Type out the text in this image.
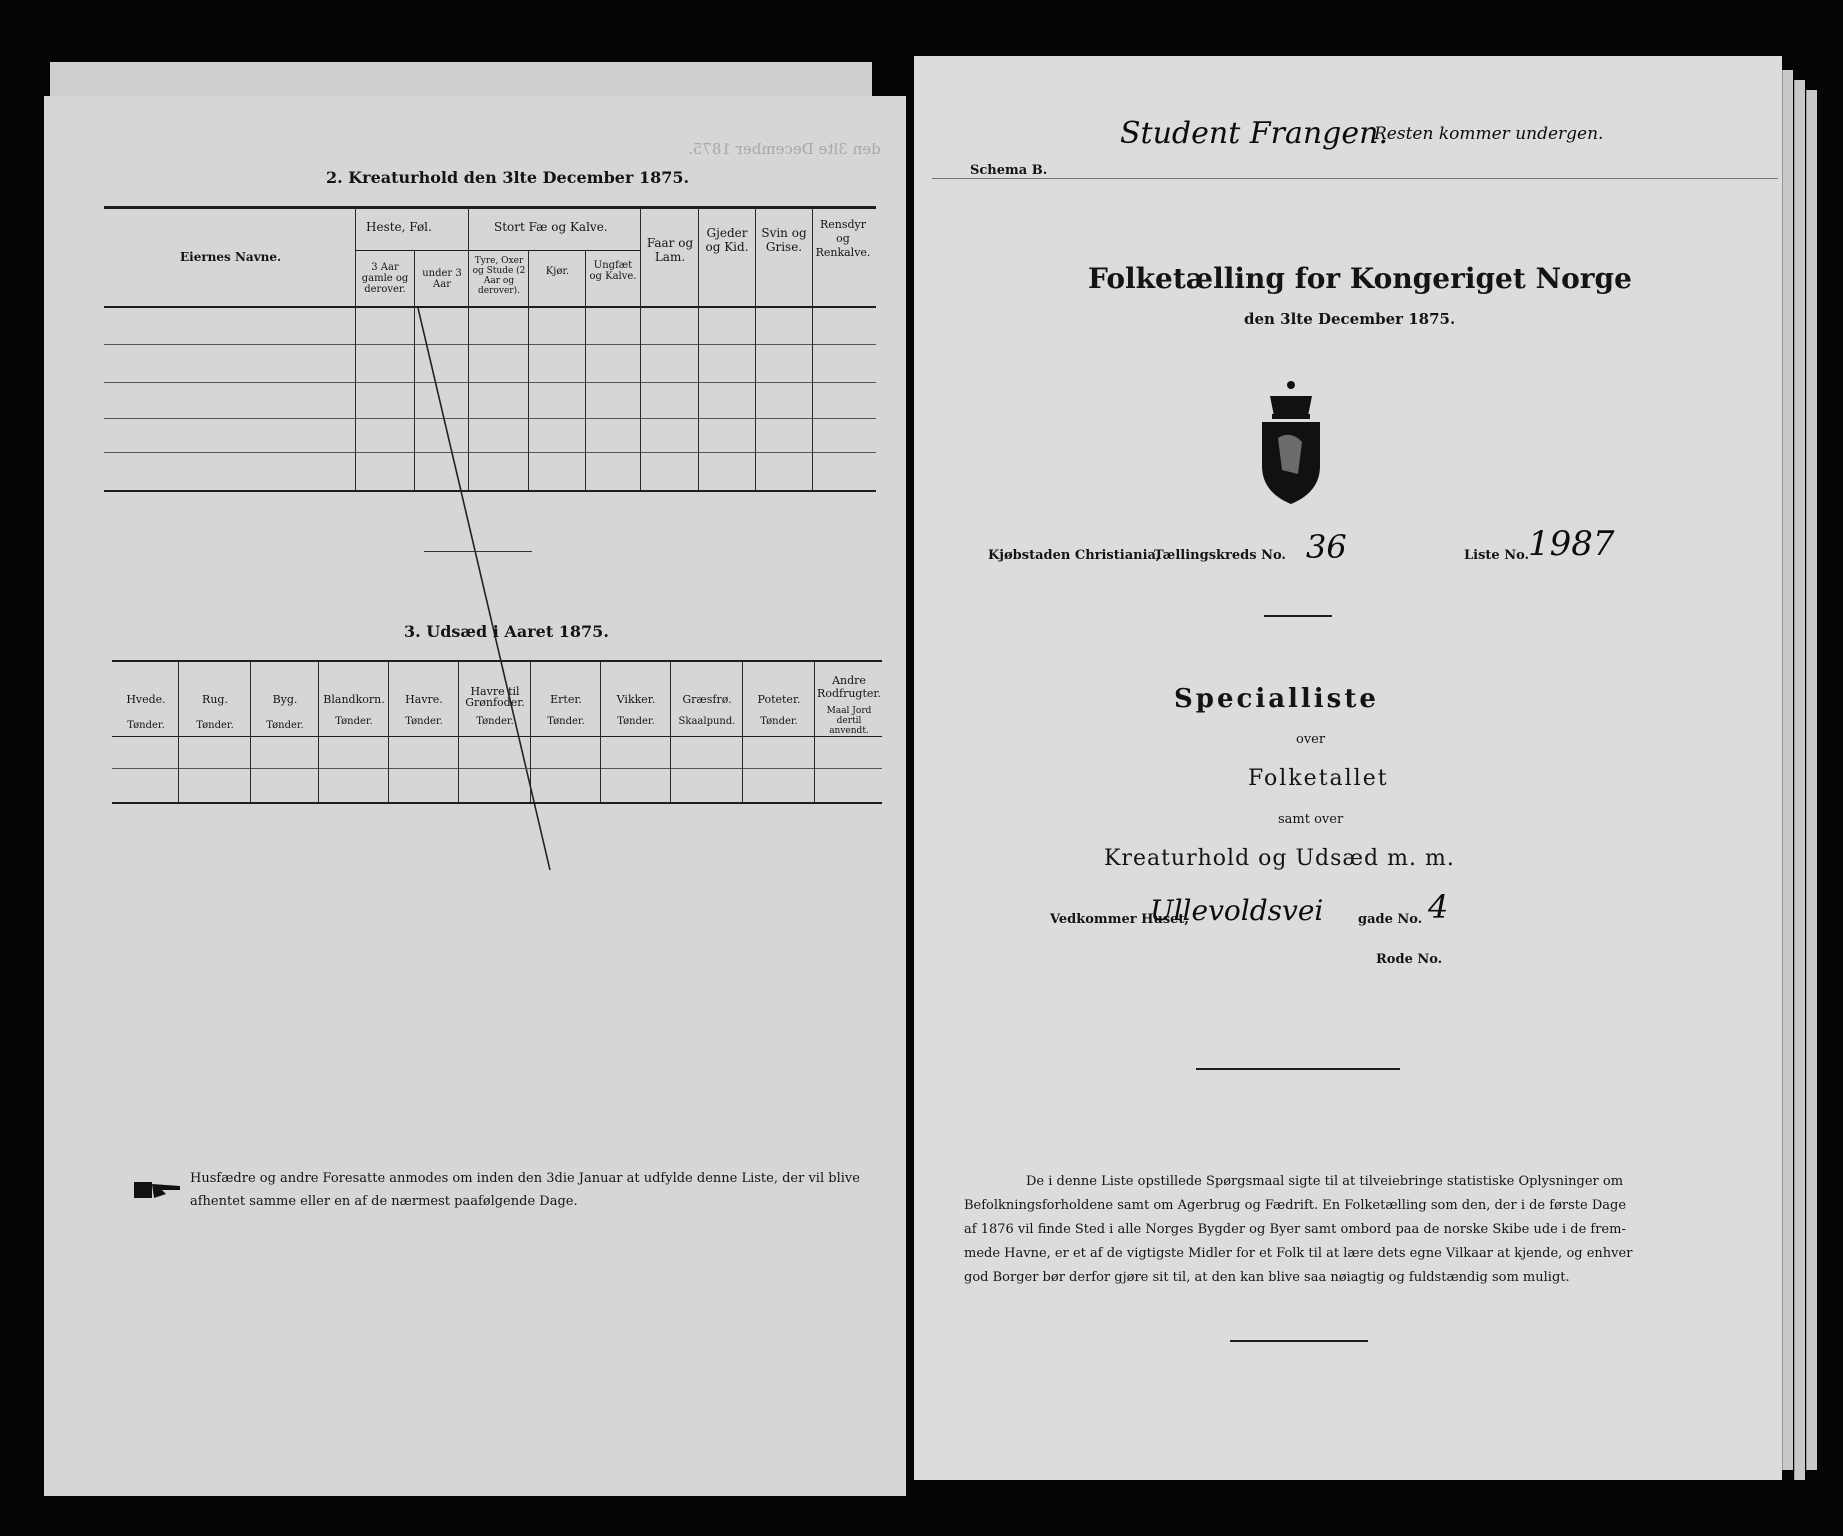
den 3lte December 1875.
2. Kreaturhold den 3lte December 1875.
Eiernes Navne.
Heste, Føl.
3 Aar gamle og derover.
under 3 Aar
Stort Fæ og Kalve.
Tyre, Oxer og Stude (2 Aar og derover).
Kjør.
Ungfæt og Kalve.
Faar og Lam.
Gjeder og Kid.
Svin og Grise.
Rensdyr og Renkalve.
3. Udsæd i Aaret 1875.
Hvede.
Tønder.
Rug.
Tønder.
Byg.
Tønder.
Blandkorn.
Tønder.
Havre.
Tønder.
Havre til Grønfoder.
Tønder.
Erter.
Tønder.
Vikker.
Tønder.
Græsfrø.
Skaalpund.
Poteter.
Tønder.
Andre Rodfrugter.
Maal Jord dertil anvendt.
Husfædre og andre Foresatte anmodes om inden den 3die Januar at udfylde denne Liste, der vil blive
afhentet samme eller en af de nærmest paafølgende Dage.
Student Frangen.
Resten kommer undergen.
Schema B.
Folketælling for Kongeriget Norge
den 3lte December 1875.
Kjøbstaden Christiania,
Tællingskreds No. 36	Liste No.
1987
Specialliste
over
Folketallet
samt over
Kreaturhold og Udsæd m. m.
Vedkommer Huset,
Ullevoldsvei	gade No. 4
Rode No.
De i denne Liste opstillede Spørgsmaal sigte til at tilveiebringe statistiske Oplysninger om
Befolkningsforholdene samt om Agerbrug og Fædrift. En Folketælling som den, der i de første Dage
af 1876 vil finde Sted i alle Norges Bygder og Byer samt ombord paa de norske Skibe ude i de frem-
mede Havne, er et af de vigtigste Midler for et Folk til at lære dets egne Vilkaar at kjende, og enhver
god Borger bør derfor gjøre sit til, at den kan blive saa nøiagtig og fuldstændig som muligt.
